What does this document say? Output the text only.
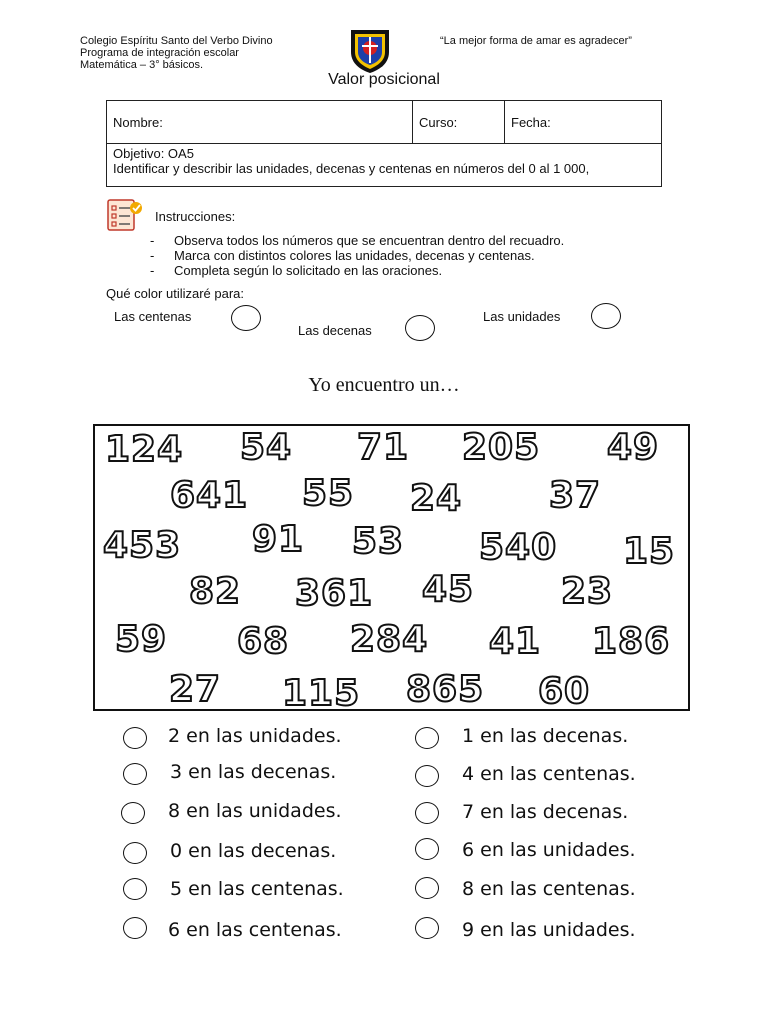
Colegio Espíritu Santo del Verbo Divino
Programa de integración escolar
Matemática – 3° básicos.
“La mejor forma de amar es agradecer”
Valor posicional
Nombre:	Curso:	Fecha:

Objetivo: OA5
Identificar y describir las unidades, decenas y centenas en números del 0 al 1 000,
Instrucciones:
- Observa todos los números que se encuentran dentro del recuadro.
- Marca con distintos colores las unidades, decenas y centenas.
- Completa según lo solicitado en las oraciones.
Qué color utilizaré para:
Las centenas
Las decenas
Las unidades
Yo encuentro un…
124 54 71 205 49
641 55 24 37
453 91 53 540 15
82 361 45 23
59 68 284 41 186
27 115 865 60
2 en las unidades.
3 en las decenas.
8 en las unidades.
0 en las decenas.
5 en las centenas.
6 en las centenas.
1 en las decenas.
4 en las centenas.
7 en las decenas.
6 en las unidades.
8 en las centenas.
9 en las unidades.
